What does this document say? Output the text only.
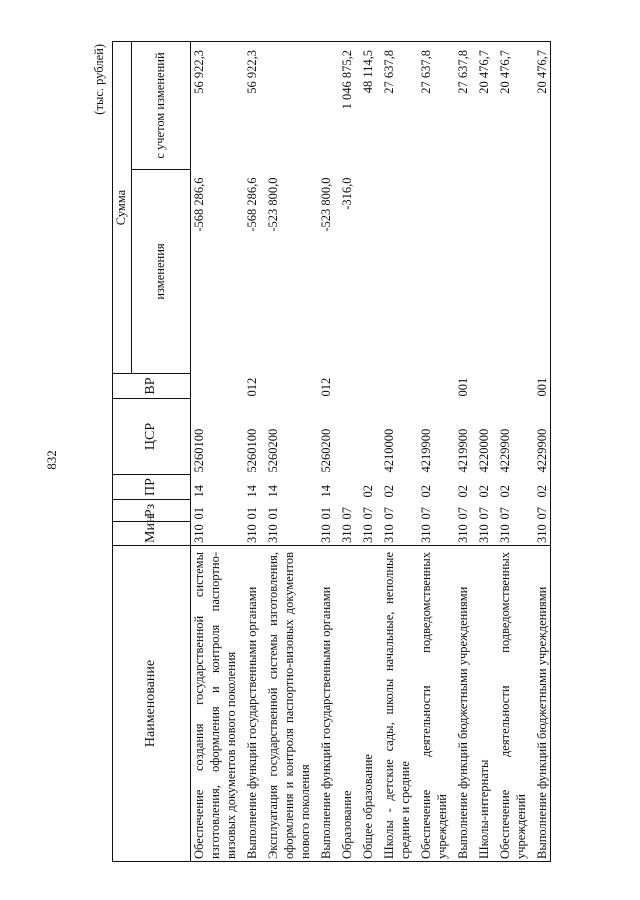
832
(тыс. рублей)
Наименование	Мин	Рз	ПР	ЦСР	ВР	Сумма	
						изменения	с учетом изменений
Обеспечение создания государственной системы изготовления, оформления и контроля паспортно-визовых документов нового поколения	310	01	14	5260100		-568 286,6	56 922,3
Выполнение функций государственными органами	310	01	14	5260100	012	-568 286,6	56 922,3
Эксплуатация государственной системы изготовления, оформления и контроля паспортно-визовых документов нового поколения	310	01	14	5260200		-523 800,0	
Выполнение функций государственными органами	310	01	14	5260200	012	-523 800,0	
Образование	310	07				-316,0	1 046 875,2
Общее образование	310	07	02				48 114,5
Школы - детские сады, школы начальные, неполные средние и средние	310	07	02	4210000			27 637,8
Обеспечение деятельности подведомственных учреждений	310	07	02	4219900			27 637,8
Выполнение функций бюджетными учреждениями	310	07	02	4219900	001		27 637,8
Школы-интернаты	310	07	02	4220000			20 476,7
Обеспечение деятельности подведомственных учреждений	310	07	02	4229900			20 476,7
Выполнение функций бюджетными учреждениями	310	07	02	4229900	001		20 476,7
